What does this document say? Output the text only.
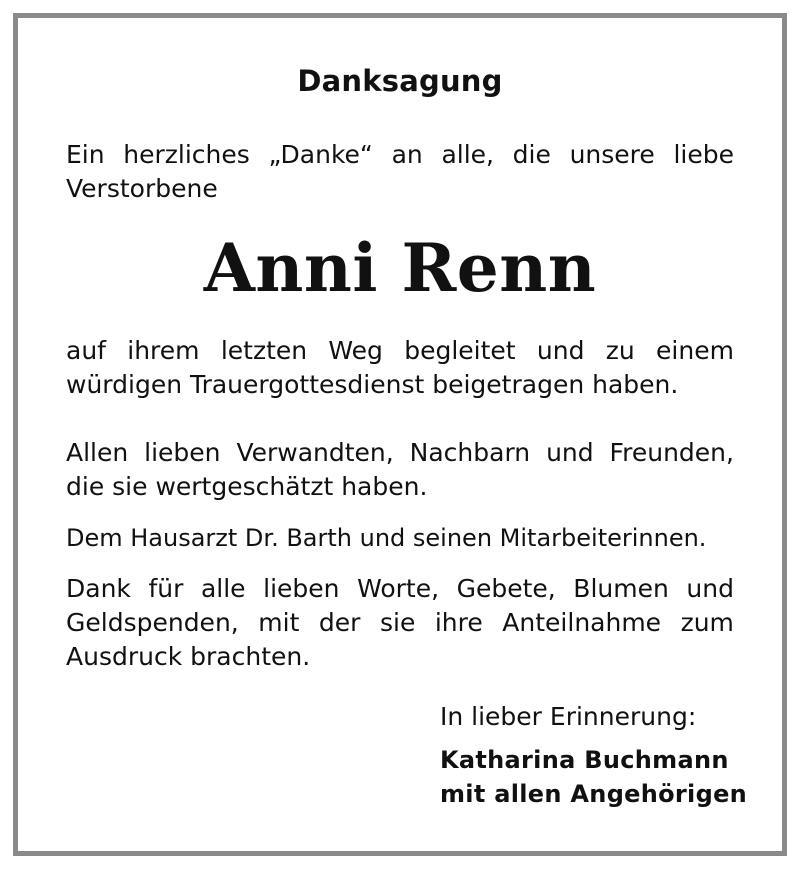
Danksagung
Ein herzliches „Danke“ an alle, die unsere liebe
Verstorbene
Anni Renn
auf ihrem letzten Weg begleitet und zu einem
würdigen Trauergottesdienst beigetragen haben.
Allen lieben Verwandten, Nachbarn und Freunden,
die sie wertgeschätzt haben.
Dem Hausarzt Dr. Barth und seinen Mitarbeiterinnen.
Dank für alle lieben Worte, Gebete, Blumen und
Geldspenden, mit der sie ihre Anteilnahme zum
Ausdruck brachten.
In lieber Erinnerung:
Katharina Buchmann
mit allen Angehörigen
